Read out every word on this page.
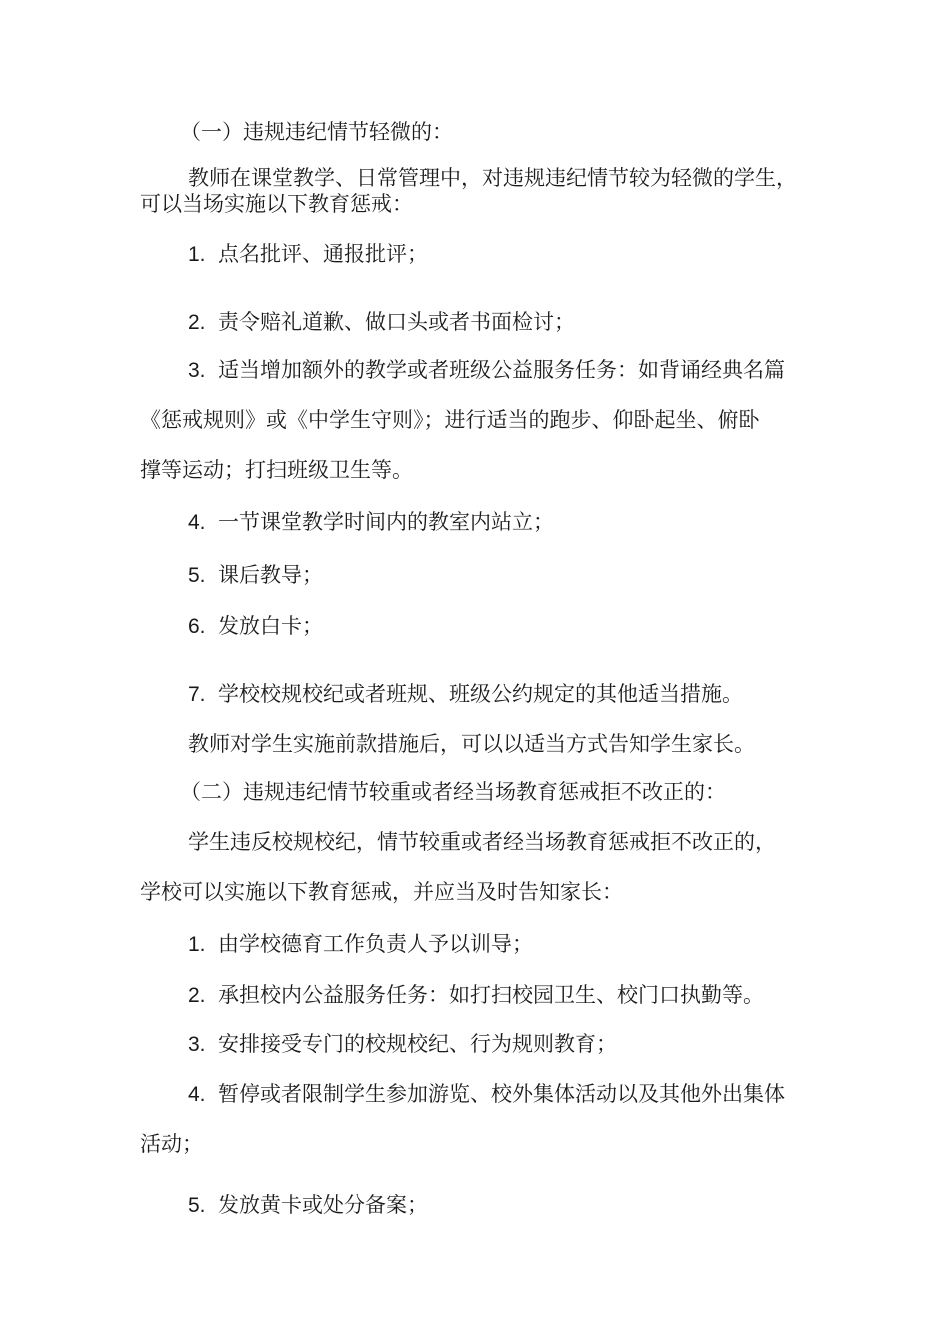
（一）违规违纪情节轻微的：

教师在课堂教学、日常管理中，对违规违纪情节较为轻微的学生，

可以当场实施以下教育惩戒：

1. 点名批评、通报批评；

2. 责令赔礼道歉、做口头或者书面检讨；

3. 适当增加额外的教学或者班级公益服务任务：如背诵经典名篇

《惩戒规则》或《中学生守则》；进行适当的跑步、仰卧起坐、俯卧

撑等运动；打扫班级卫生等。

4. 一节课堂教学时间内的教室内站立；

5. 课后教导；

6. 发放白卡；

7. 学校校规校纪或者班规、班级公约规定的其他适当措施。

教师对学生实施前款措施后，可以以适当方式告知学生家长。

（二）违规违纪情节较重或者经当场教育惩戒拒不改正的：

学生违反校规校纪，情节较重或者经当场教育惩戒拒不改正的，

学校可以实施以下教育惩戒，并应当及时告知家长：

1. 由学校德育工作负责人予以训导；

2. 承担校内公益服务任务：如打扫校园卫生、校门口执勤等。

3. 安排接受专门的校规校纪、行为规则教育；

4. 暂停或者限制学生参加游览、校外集体活动以及其他外出集体

活动；

5. 发放黄卡或处分备案；
